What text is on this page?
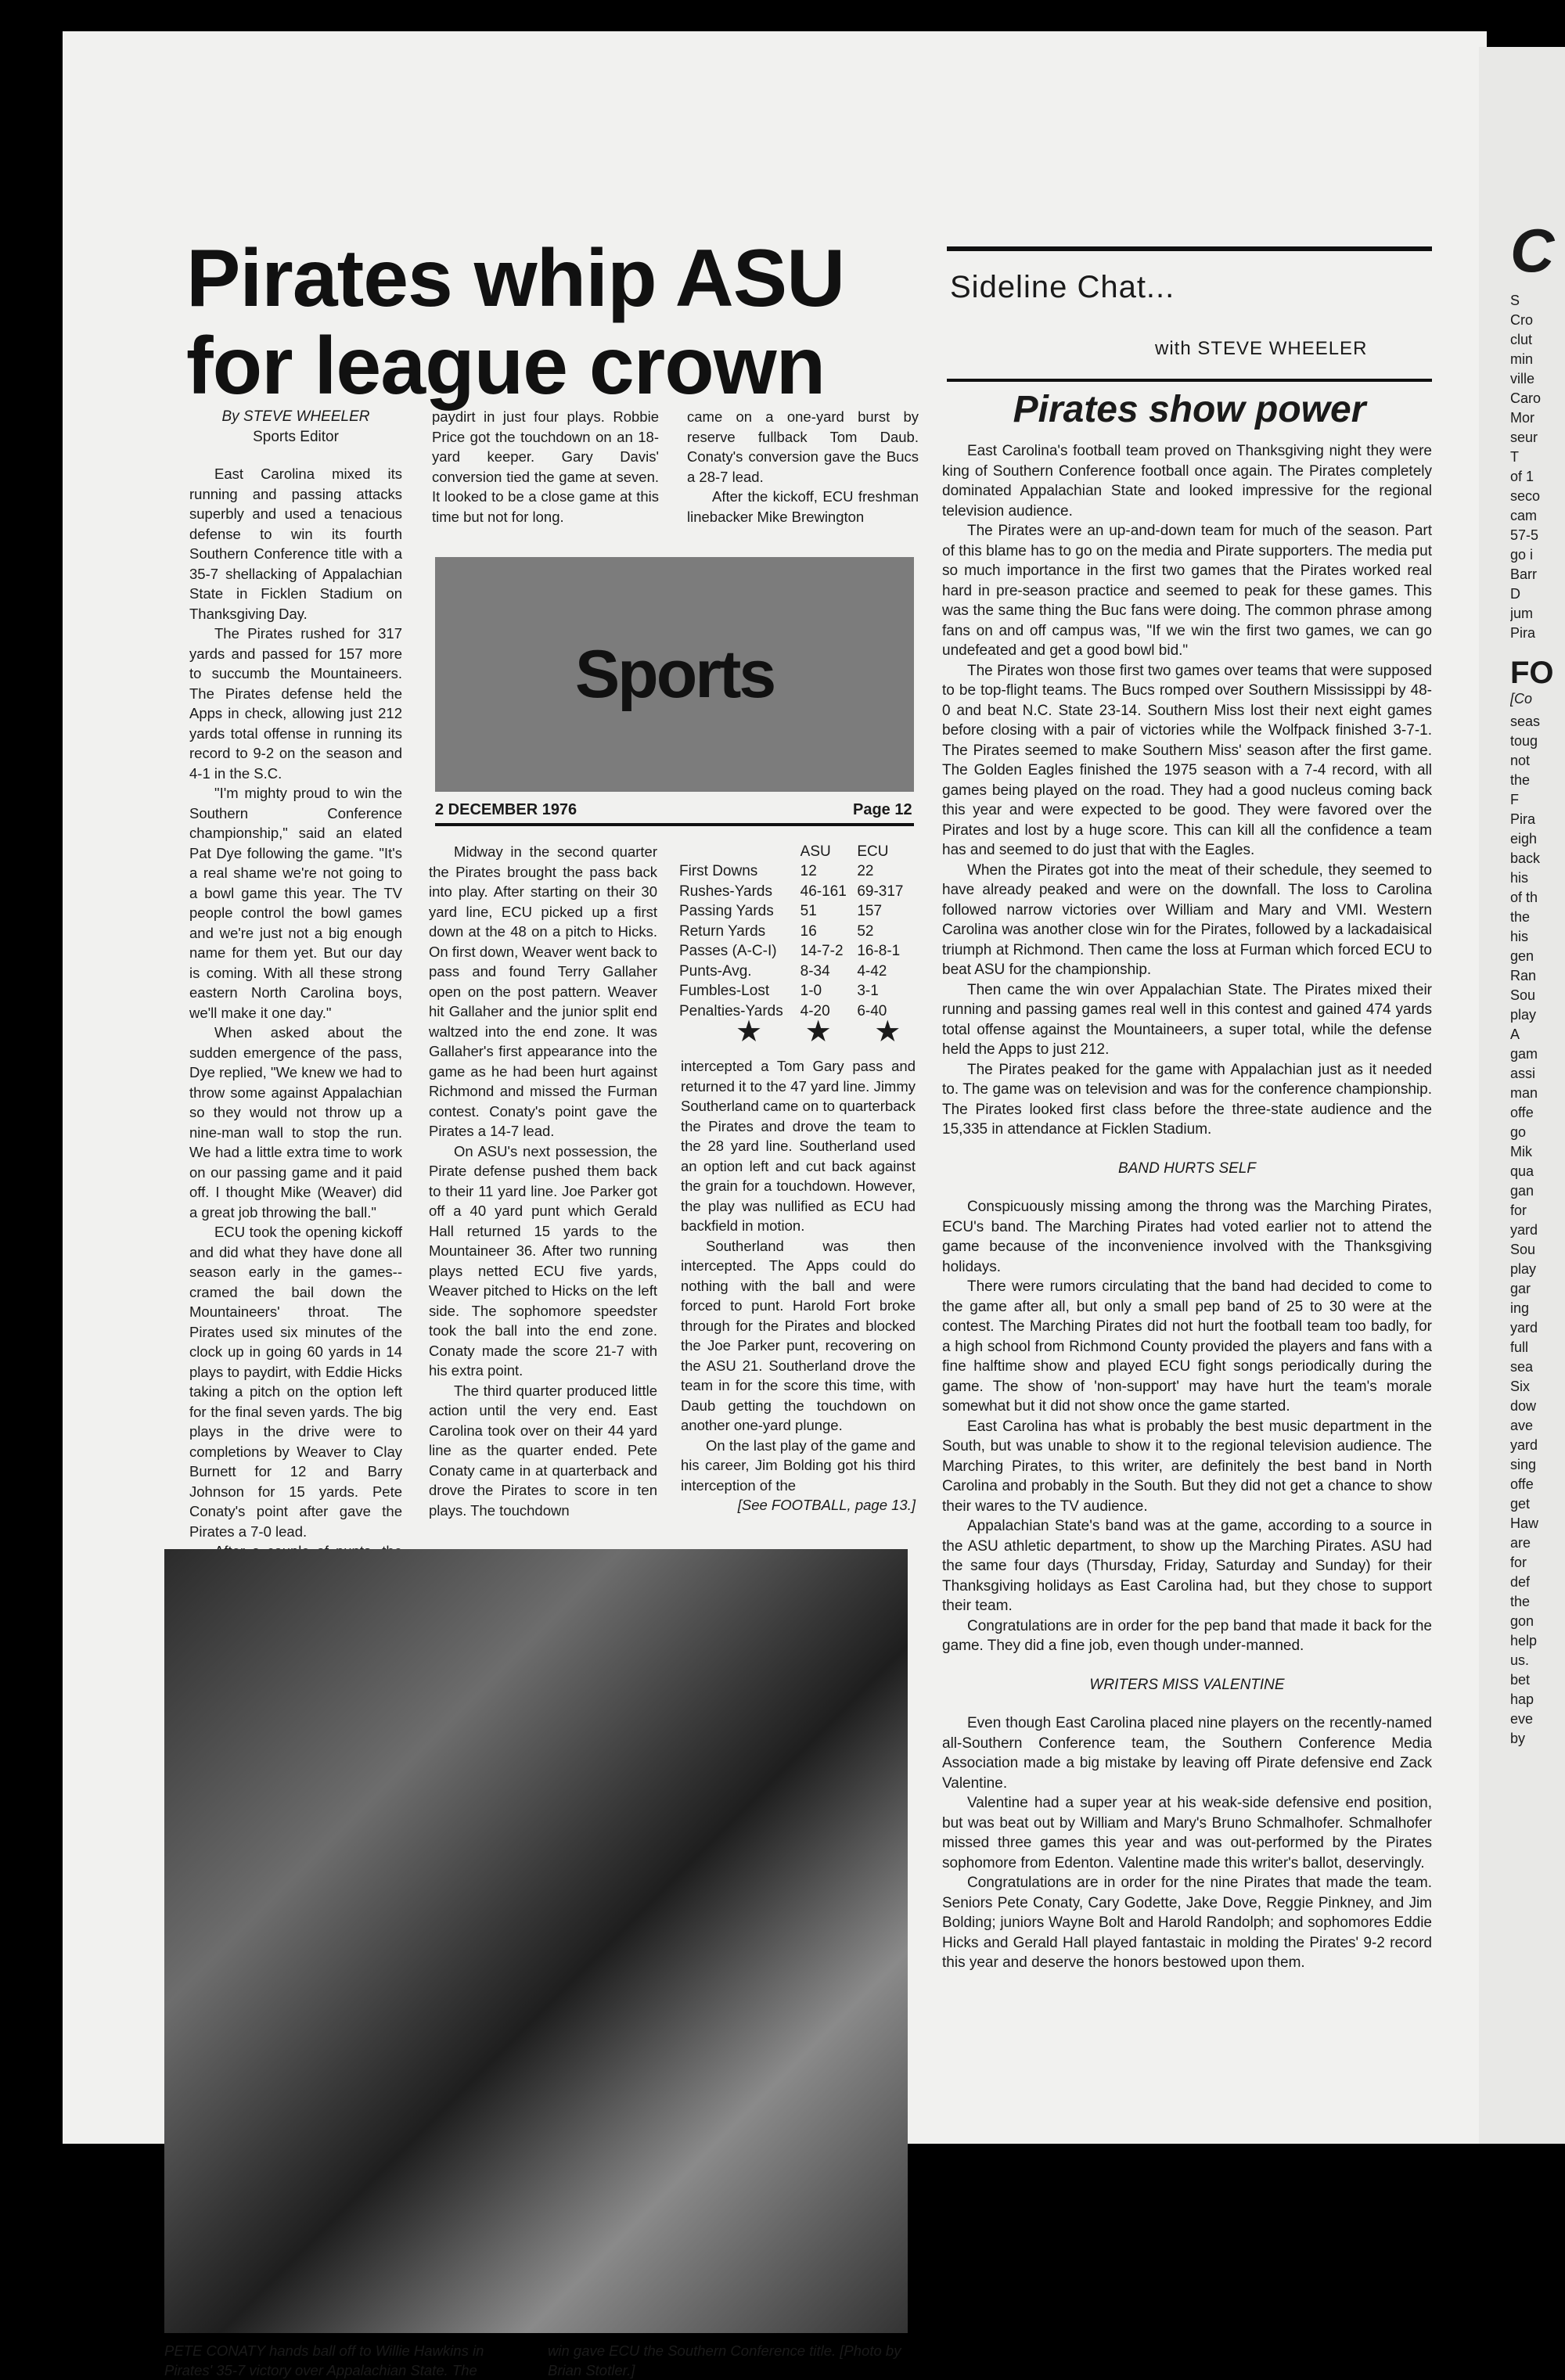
Pirates whip ASU
for league crown
By STEVE WHEELER
Sports Editor

East Carolina mixed its running and passing attacks superbly and used a tenacious defense to win its fourth Southern Conference title with a 35-7 shellacking of Appalachian State in Ficklen Stadium on Thanksgiving Day.

The Pirates rushed for 317 yards and passed for 157 more to succumb the Mountaineers. The Pirates defense held the Apps in check, allowing just 212 yards total offense in running its record to 9-2 on the season and 4-1 in the S.C.

"I'm mighty proud to win the Southern Conference championship," said an elated Pat Dye following the game. "It's a real shame we're not going to a bowl game this year. The TV people control the bowl games and we're just not a big enough name for them yet. But our day is coming. With all these strong eastern North Carolina boys, we'll make it one day."

When asked about the sudden emergence of the pass, Dye replied, "We knew we had to throw some against Appalachian so they would not throw up a nine-man wall to stop the run. We had a little extra time to work on our passing game and it paid off. I thought Mike (Weaver) did a great job throwing the ball."

ECU took the opening kickoff and did what they have done all season early in the games--cramed the bail down the Mountaineers' throat. The Pirates used six minutes of the clock up in going 60 yards in 14 plays to paydirt, with Eddie Hicks taking a pitch on the option left for the final seven yards. The big plays in the drive were to completions by Weaver to Clay Burnett for 12 and Barry Johnson for 15 yards. Pete Conaty's point after gave the Pirates a 7-0 lead.

paydirt in just four plays. Robbie Price got the touchdown on an 18-yard keeper. Gary Davis' conversion tied the game at seven. It looked to be a close game at this time but not for long.

came on a one-yard burst by reserve fullback Tom Daub. Conaty's conversion gave the Bucs a 28-7 lead.

After the kickoff, ECU freshman linebacker Mike Brewington

Sports
2 DECEMBER 1976	Page 12

Midway in the second quarter the Pirates brought the pass back into play. After starting on their 30 yard line, ECU picked up a first down at the 48 on a pitch to Hicks. On first down, Weaver went back to pass and found Terry Gallaher open on the post pattern. Weaver hit Gallaher and the junior split end waltzed into the end zone. It was Gallaher's first appearance into the game as he had been hurt against Richmond and missed the Furman contest. Conaty's point gave the Pirates a 14-7 lead.

On ASU's next possession, the Pirate defense pushed them back to their 11 yard line. Joe Parker got off a 40 yard punt which Gerald Hall returned 15 yards to the Mountaineer 36. After two running plays netted ECU five yards, Weaver pitched to Hicks on the left side. The sophomore speedster took the ball into the end zone. Conaty made the score 21-7 with his extra point.

The third quarter produced little action until the very end. East Carolina took over on their 44 yard line as the quarter ended. Pete Conaty came in at quarterback and drove the Pirates to score in ten plays. The touchdown

	ASU	ECU
First Downs	12	22
Rushes-Yards	46-161	69-317
Passing Yards	51	157
Return Yards	16	52
Passes (A-C-I)	14-7-2	16-8-1
Punts-Avg.	8-34	4-42
Fumbles-Lost	1-0	3-1
Penalties-Yards	4-20	6-40
★ ★ ★

intercepted a Tom Gary pass and returned it to the 47 yard line. Jimmy Southerland came on to quarterback the Pirates and drove the team to the 28 yard line. Southerland used an option left and cut back against the grain for a touchdown. However, the play was nullified as ECU had backfield in motion.

Southerland was then intercepted. The Apps could do nothing with the ball and were forced to punt. Harold Fort broke through for the Pirates and blocked the Joe Parker punt, recovering on the ASU 21. Southerland drove the team in for the score this time, with Daub getting the touchdown on another one-yard plunge.

On the last play of the game and his career, Jim Bolding got his third interception of the

[See FOOTBALL, page 13.]
PETE CONATY hands ball off to Willie Hawkins in Pirates' 35-7 victory over Appalachian State. The
Sideline Chat...
with STEVE WHEELER
Pirates show power

East Carolina's football team proved on Thanksgiving night they were king of Southern Conference football once again. The Pirates completely dominated Appalachian State and looked impressive for the regional television audience.

The Pirates were an up-and-down team for much of the season. Part of this blame has to go on the media and Pirate supporters. The media put so much importance in the first two games that the Pirates worked real hard in pre-season practice and seemed to peak for these games. This was the same thing the Buc fans were doing. The common phrase among fans on and off campus was, "If we win the first two games, we can go undefeated and get a good bowl bid."

The Pirates won those first two games over teams that were supposed to be top-flight teams. The Bucs romped over Southern Mississippi by 48-0 and beat N.C. State 23-14. Southern Miss lost their next eight games before closing with a pair of victories while the Wolfpack finished 3-7-1. The Pirates seemed to make Southern Miss' season after the first game. The Golden Eagles finished the 1975 season with a 7-4 record, with all games being played on the road. They had a good nucleus coming back this year and were expected to be good. They were favored over the Pirates and lost by a huge score. This can kill all the confidence a team has and seemed to do just that with the Eagles.

When the Pirates got into the meat of their schedule, they seemed to have already peaked and were on the downfall. The loss to Carolina followed narrow victories over William and Mary and VMI. Western Carolina was another close win for the Pirates, followed by a lackadaisical triumph at Richmond. Then came the loss at Furman which forced ECU to beat ASU for the championship.

Then came the win over Appalachian State. The Pirates mixed their running and passing games real well in this contest and gained 474 yards total offense against the Mountaineers, a super total, while the defense held the Apps to just 212.

The Pirates peaked for the game with Appalachian just as it needed to. The game was on television and was for the conference championship. The Pirates looked first class before the three-state audience and the 15,335 in attendance at Ficklen Stadium.

BAND HURTS SELF

Conspicuously missing among the throng was the Marching Pirates, ECU's band. The Marching Pirates had voted earlier not to attend the game because of the inconvenience involved with the Thanksgiving holidays.

There were rumors circulating that the band had decided to come to the game after all, but only a small pep band of 25 to 30 were at the contest. The Marching Pirates did not hurt the football team too badly, for a high school from Richmond County provided the players and fans with a fine halftime show and played ECU fight songs periodically during the game. The show of 'non-support' may have hurt the team's morale somewhat but it did not show once the game started.

East Carolina has what is probably the best music department in the South, but was unable to show it to the regional television audience. The Marching Pirates, to this writer, are definitely the best band in North Carolina and probably in the South. But they did not get a chance to show their wares to the TV audience.

Appalachian State's band was at the game, according to a source in the ASU athletic department, to show up the Marching Pirates. ASU had the same four days (Thursday, Friday, Saturday and Sunday) for their Thanksgiving holidays as East Carolina had, but they chose to support their team.

Congratulations are in order for the pep band that made it back for the game. They did a fine job, even though under-manned.

WRITERS MISS VALENTINE

Even though East Carolina placed nine players on the recently-named all-Southern Conference team, the Southern Conference Media Association made a big mistake by leaving off Pirate defensive end Zack Valentine.

Valentine had a super year at his weak-side defensive end position, but was beat out by William and Mary's Bruno Schmalhofer. Schmalhofer missed three games this year and was out-performed by the Pirates sophomore from Edenton. Valentine made this writer's ballot, deservingly.

Congratulations are in order for the nine Pirates that made the team. Seniors Pete Conaty, Cary Godette, Jake Dove, Reggie Pinkney, and Jim Bolding; juniors Wayne Bolt and Harold Randolph; and sophomores Eddie Hicks and Gerald Hall played fantastaic in molding the Pirates' 9-2 record this year and deserve the honors bestowed upon them.

win gave ECU the Southern Conference title. [Photo by Brian Stotler.]
C
S
Cro
clut
min
ville
Caro
Mor
seur
T
of 1
seco
cam
57-5
go i
Barr
D
jum
Pira
FO
[Co
seas
toug
not
the
F
Pira
eigh
back
his
of th
the
his
gen
Ran
Sou
play
A
gam
assi
man
offe
go
Mik
qua
gan
for
yard
Sou
play
gar
ing
yard
full
sea
Six
dow
ave
yard
sing
offe
get
Haw
are
for
def
the
gon
help
us.
bet
hap
eve
by
